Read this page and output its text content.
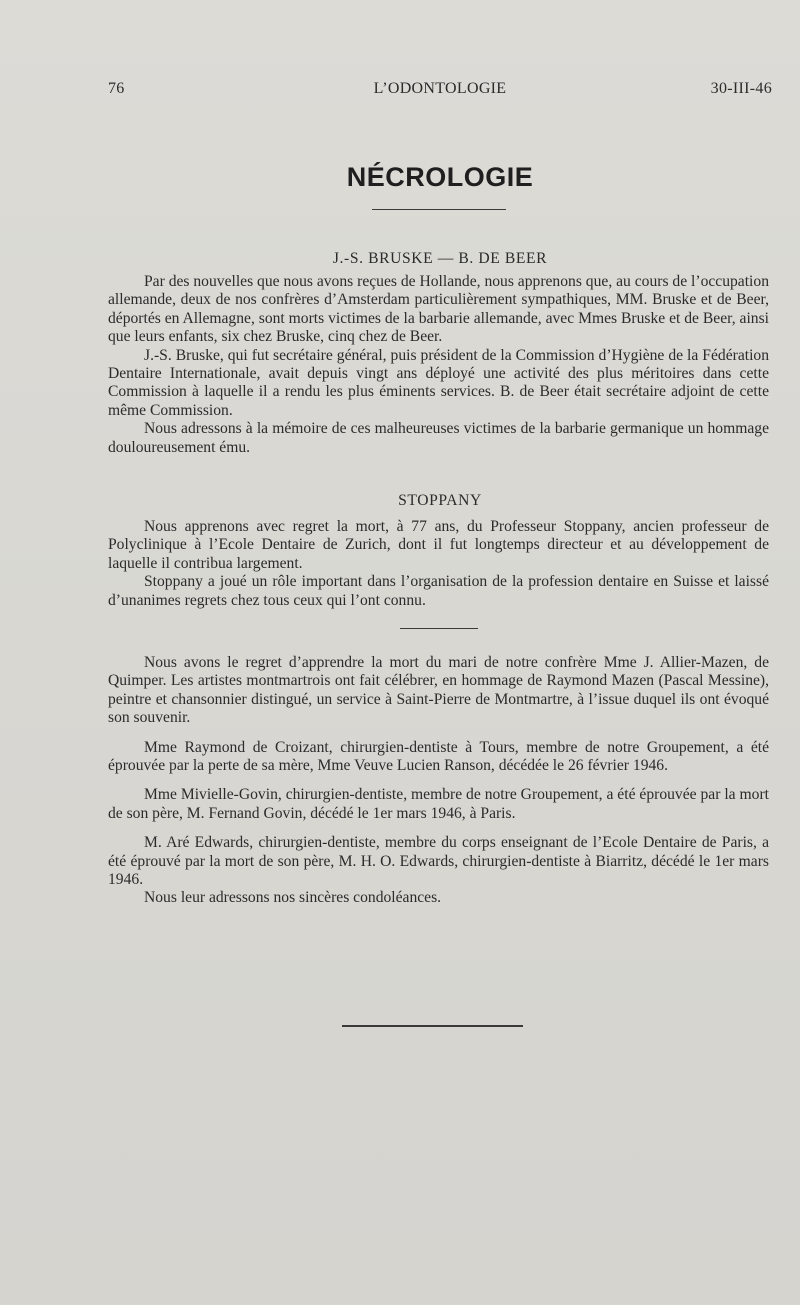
76	L’ODONTOLOGIE	30-III-46
NÉCROLOGIE
J.-S. BRUSKE — B. DE BEER

Par des nouvelles que nous avons reçues de Hollande, nous apprenons que, au cours de l’occupation allemande, deux de nos confrères d’Amsterdam particulièrement sympathiques, MM. Bruske et de Beer, déportés en Allemagne, sont morts victimes de la barbarie allemande, avec Mmes Bruske et de Beer, ainsi que leurs enfants, six chez Bruske, cinq chez de Beer.

J.-S. Bruske, qui fut secrétaire général, puis président de la Commission d’Hygiène de la Fédération Dentaire Internationale, avait depuis vingt ans déployé une activité des plus méritoires dans cette Commission à laquelle il a rendu les plus éminents services. B. de Beer était secrétaire adjoint de cette même Commission.

Nous adressons à la mémoire de ces malheureuses victimes de la barbarie germanique un hommage douloureusement ému.

STOPPANY

Nous apprenons avec regret la mort, à 77 ans, du Professeur Stoppany, ancien professeur de Polyclinique à l’Ecole Dentaire de Zurich, dont il fut longtemps directeur et au développement de laquelle il contribua largement.

Stoppany a joué un rôle important dans l’organisation de la profession dentaire en Suisse et laissé d’unanimes regrets chez tous ceux qui l’ont connu.

Nous avons le regret d’apprendre la mort du mari de notre confrère Mme J. Allier-Mazen, de Quimper. Les artistes montmartrois ont fait célébrer, en hommage de Raymond Mazen (Pascal Messine), peintre et chansonnier distingué, un service à Saint-Pierre de Montmartre, à l’issue duquel ils ont évoqué son souvenir.

Mme Raymond de Croizant, chirurgien-dentiste à Tours, membre de notre Groupement, a été éprouvée par la perte de sa mère, Mme Veuve Lucien Ranson, décédée le 26 février 1946.

Mme Mivielle-Govin, chirurgien-dentiste, membre de notre Groupement, a été éprouvée par la mort de son père, M. Fernand Govin, décédé le 1er mars 1946, à Paris.

M. Aré Edwards, chirurgien-dentiste, membre du corps enseignant de l’Ecole Dentaire de Paris, a été éprouvé par la mort de son père, M. H. O. Edwards, chirurgien-dentiste à Biarritz, décédé le 1er mars 1946.

Nous leur adressons nos sincères condoléances.
